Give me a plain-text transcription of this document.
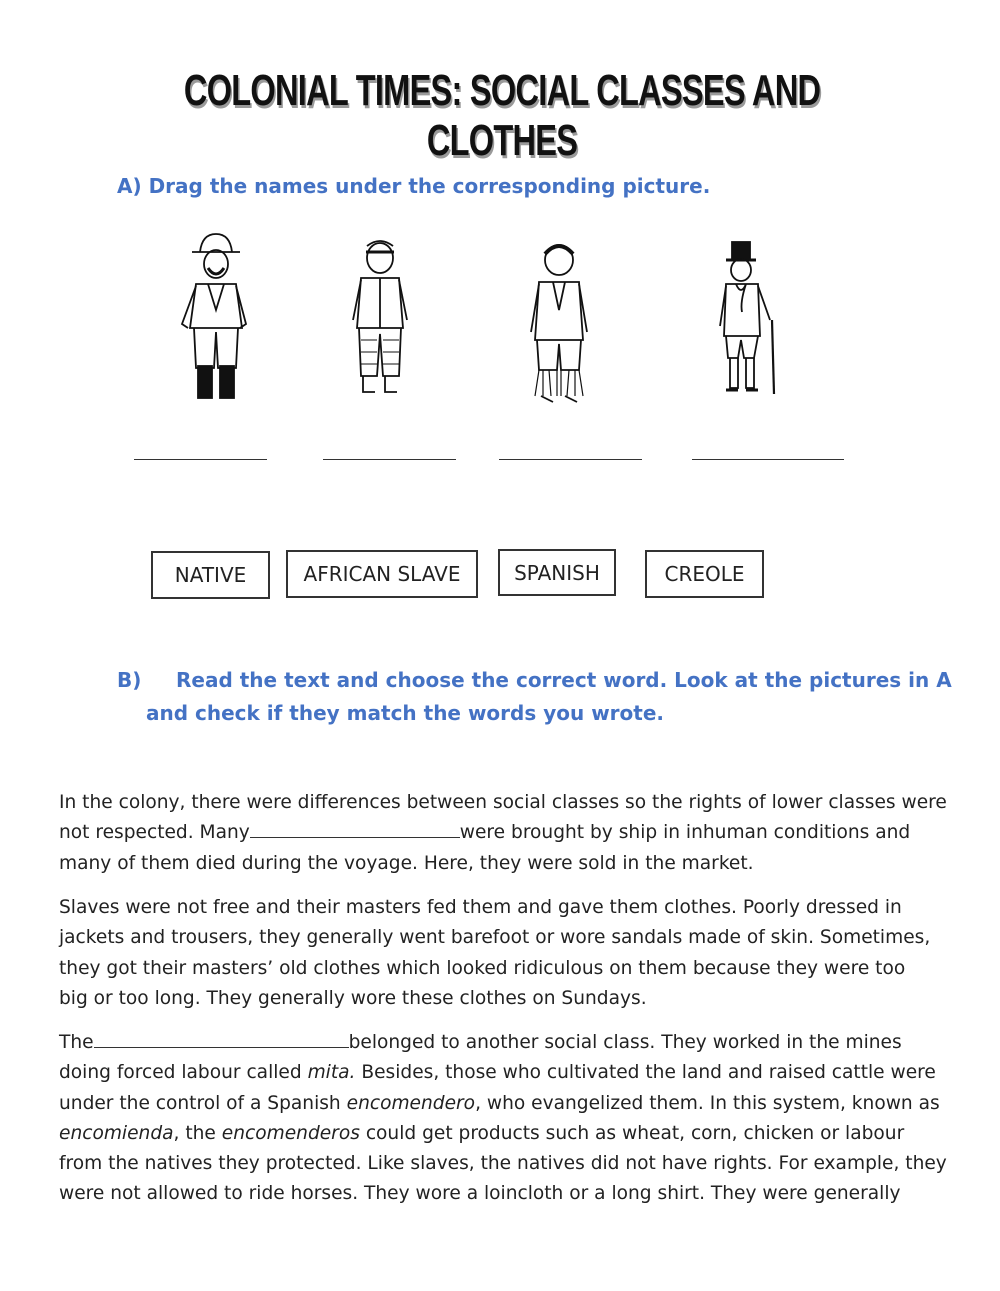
COLONIAL TIMES: SOCIAL CLASSES AND CLOTHES
A) Drag the names under the corresponding picture.
NATIVE	AFRICAN SLAVE	SPANISH	CREOLE
B) Read the text and choose the correct word. Look at the pictures in A
and check if they match the words you wrote.

In the colony, there were differences between social classes so the rights of lower classes were
not respected. Many	were brought by ship in inhuman conditions and
many of them died during the voyage. Here, they were sold in the market.

Slaves were not free and their masters fed them and gave them clothes. Poorly dressed in
jackets and trousers, they generally went barefoot or wore sandals made of skin. Sometimes,
they got their masters’ old clothes which looked ridiculous on them because they were too
big or too long. They generally wore these clothes on Sundays.

The	belonged to another social class. They worked in the mines
doing forced labour called mita. Besides, those who cultivated the land and raised cattle were
under the control of a Spanish encomendero, who evangelized them. In this system, known as
encomienda, the encomenderos could get products such as wheat, corn, chicken or labour
from the natives they protected. Like slaves, the natives did not have rights. For example, they
were not allowed to ride horses. They wore a loincloth or a long shirt. They were generally
